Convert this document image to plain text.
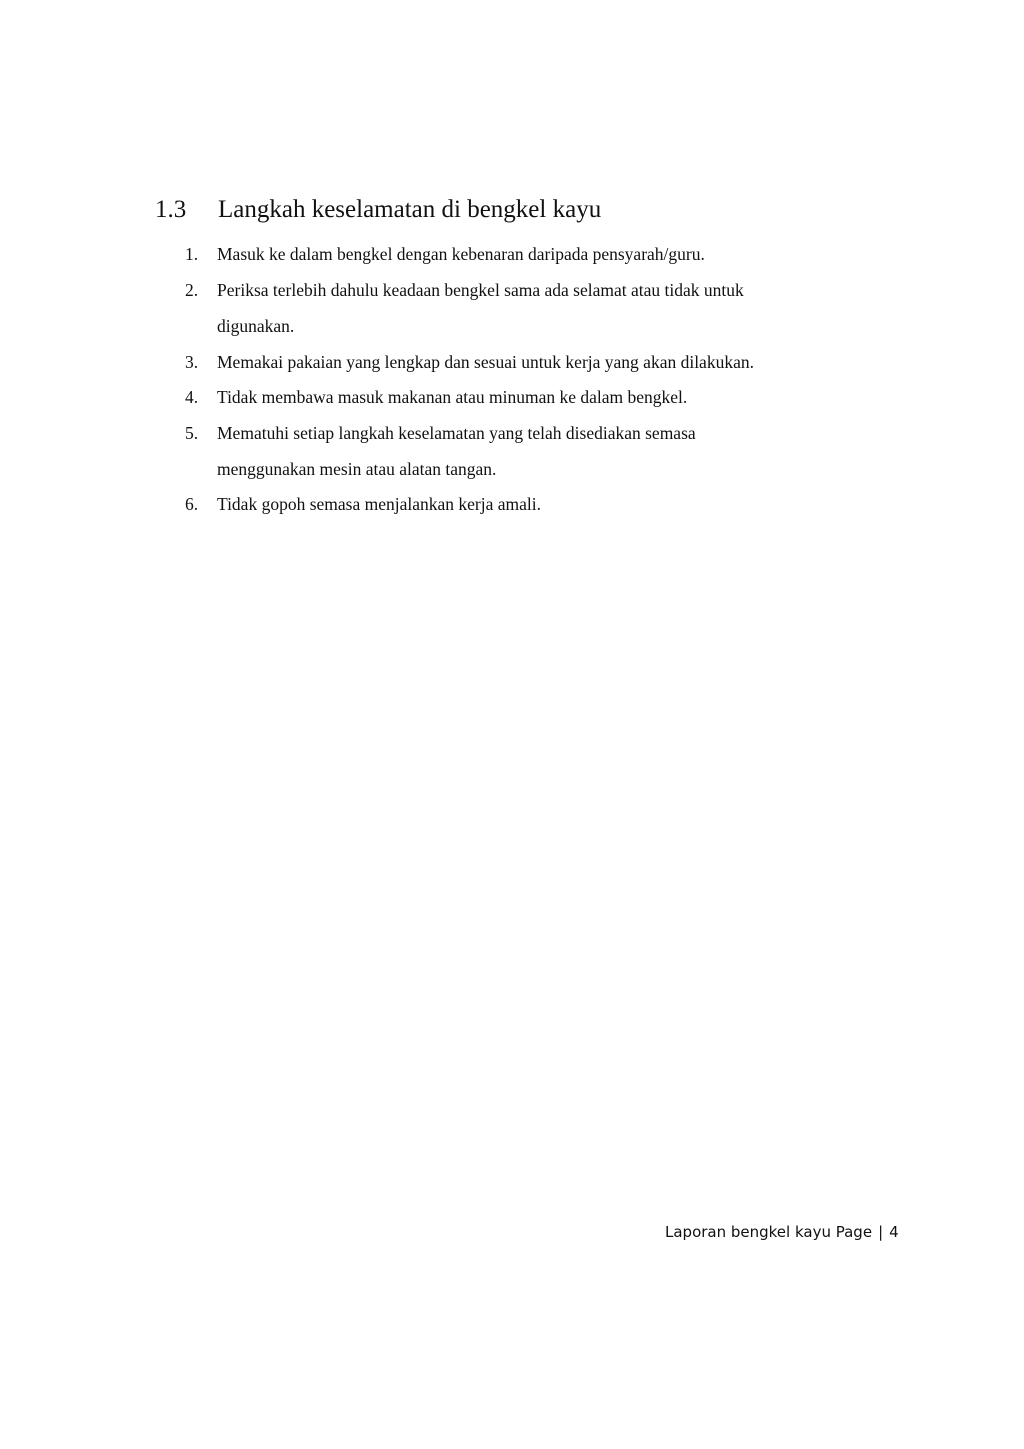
1.3 Langkah keselamatan di bengkel kayu
1.	Masuk ke dalam bengkel dengan kebenaran daripada pensyarah/guru.
2.	Periksa terlebih dahulu keadaan bengkel sama ada selamat atau tidak untuk
digunakan.
3.	Memakai pakaian yang lengkap dan sesuai untuk kerja yang akan dilakukan.
4.	Tidak membawa masuk makanan atau minuman ke dalam bengkel.
5.	Mematuhi setiap langkah keselamatan yang telah disediakan semasa
menggunakan mesin atau alatan tangan.
6.	Tidak gopoh semasa menjalankan kerja amali.
Laporan bengkel kayu Page | 4
